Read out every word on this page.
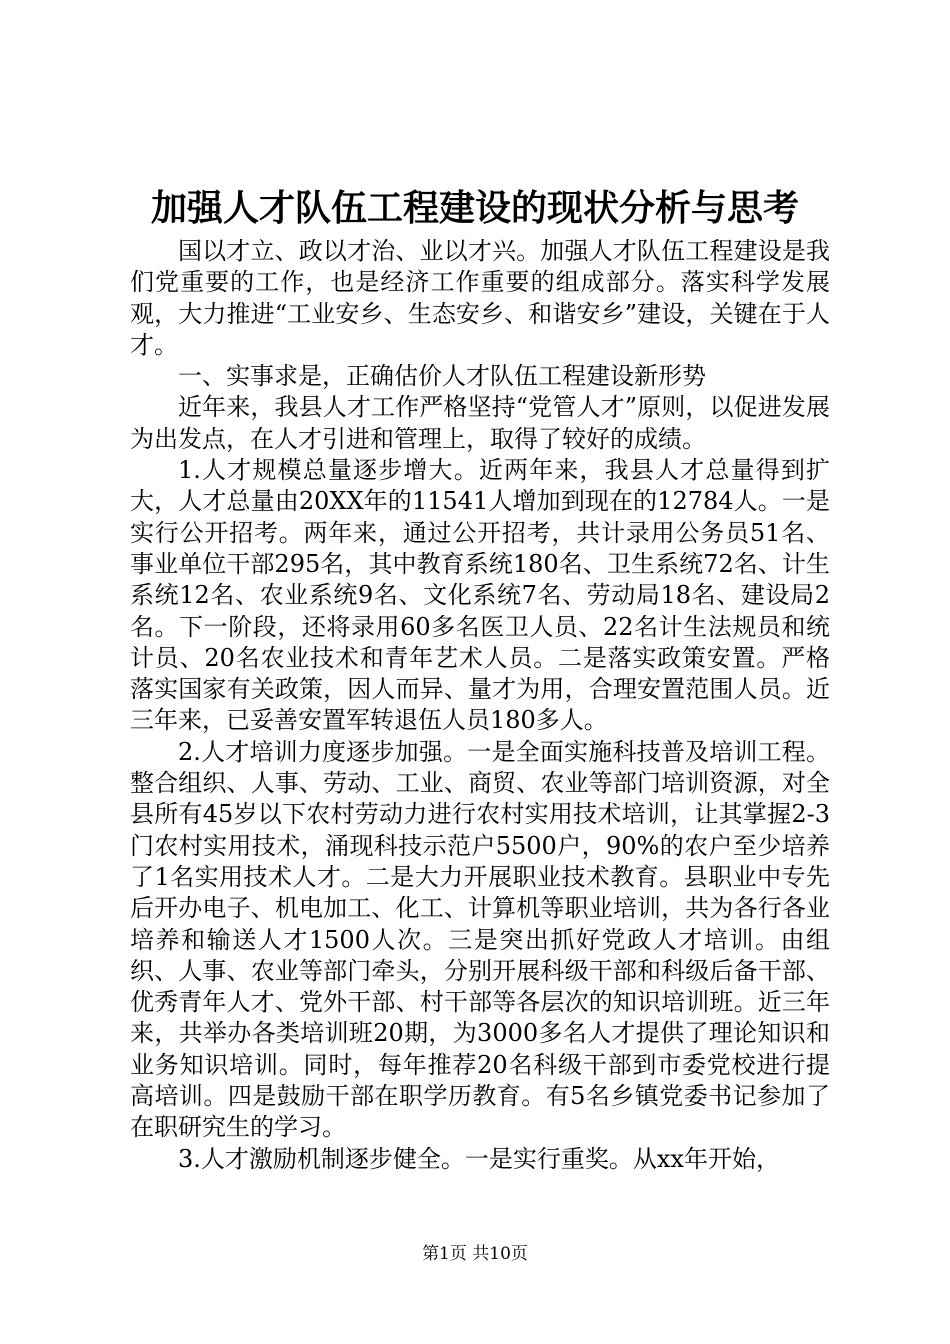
加强人才队伍工程建设的现状分析与思考

国以才立、政以才治、业以才兴。加强人才队伍工程建设是我们党重要的工作，也是经济工作重要的组成部分。落实科学发展观，大力推进“工业安乡、生态安乡、和谐安乡”建设，关键在于人才。

一、实事求是，正确估价人才队伍工程建设新形势

近年来，我县人才工作严格坚持“党管人才”原则，以促进发展为出发点，在人才引进和管理上，取得了较好的成绩。

1.人才规模总量逐步增大。近两年来，我县人才总量得到扩大，人才总量由20XX年的11541人增加到现在的12784人。一是实行公开招考。两年来，通过公开招考，共计录用公务员51名、事业单位干部295名，其中教育系统180名、卫生系统72名、计生系统12名、农业系统9名、文化系统7名、劳动局18名、建设局2名。下一阶段，还将录用60多名医卫人员、22名计生法规员和统计员、20名农业技术和青年艺术人员。二是落实政策安置。严格落实国家有关政策，因人而异、量才为用，合理安置范围人员。近三年来，已妥善安置军转退伍人员180多人。

2.人才培训力度逐步加强。一是全面实施科技普及培训工程。整合组织、人事、劳动、工业、商贸、农业等部门培训资源，对全县所有45岁以下农村劳动力进行农村实用技术培训，让其掌握2-3门农村实用技术，涌现科技示范户5500户，90%的农户至少培养了1名实用技术人才。二是大力开展职业技术教育。县职业中专先后开办电子、机电加工、化工、计算机等职业培训，共为各行各业培养和输送人才1500人次。三是突出抓好党政人才培训。由组织、人事、农业等部门牵头，分别开展科级干部和科级后备干部、优秀青年人才、党外干部、村干部等各层次的知识培训班。近三年来，共举办各类培训班20期，为3000多名人才提供了理论知识和业务知识培训。同时，每年推荐20名科级干部到市委党校进行提高培训。四是鼓励干部在职学历教育。有5名乡镇党委书记参加了在职研究生的学习。

3.人才激励机制逐步健全。一是实行重奖。从xx年开始，

第1页 共10页
